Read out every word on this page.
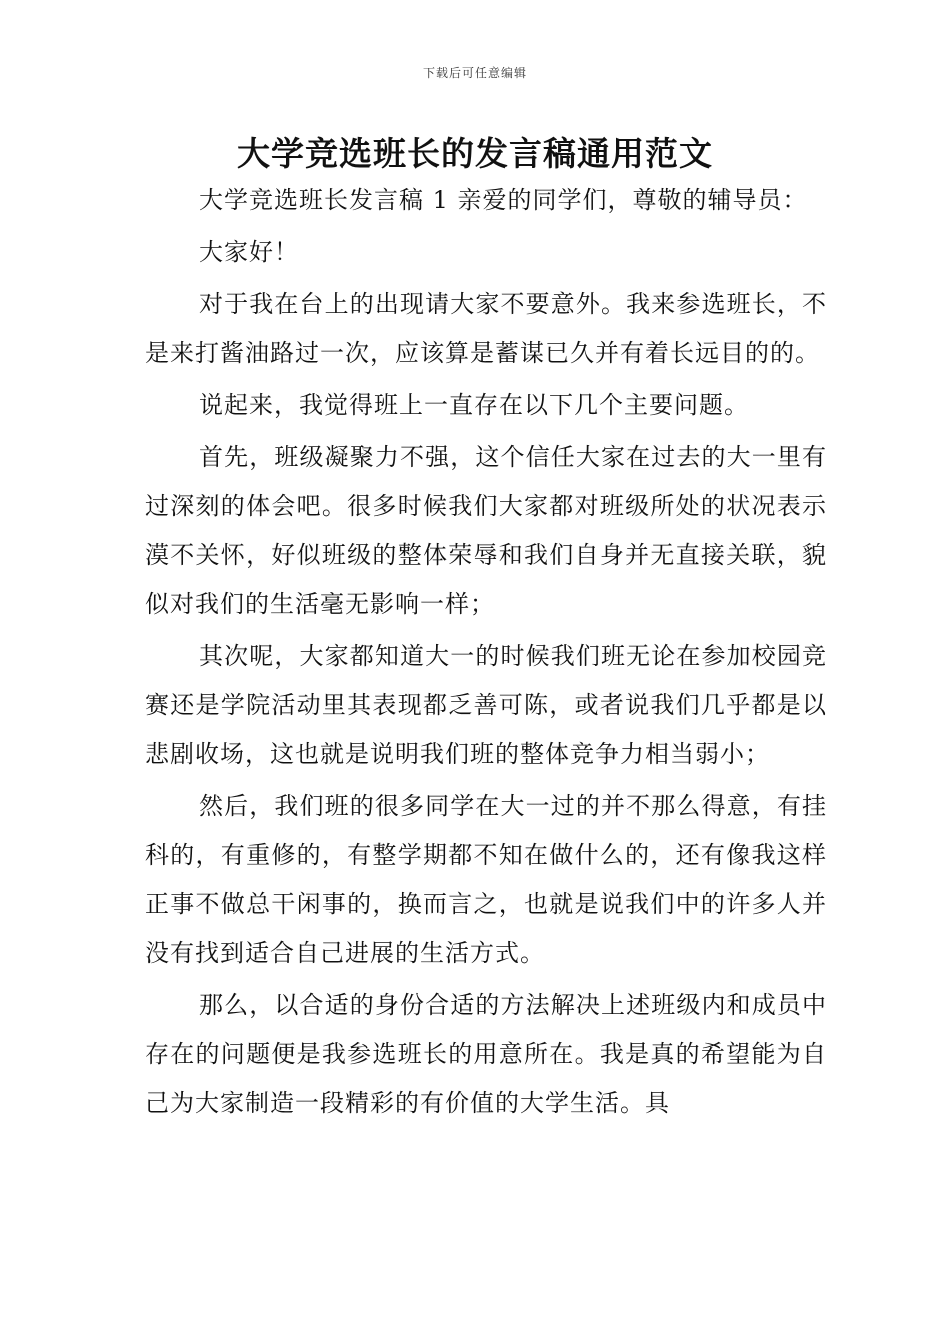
下载后可任意编辑
大学竞选班长的发言稿通用范文

大学竞选班长发言稿 1 亲爱的同学们，尊敬的辅导员：

大家好！

对于我在台上的出现请大家不要意外。我来参选班长，不是来打酱油路过一次，应该算是蓄谋已久并有着长远目的的。

说起来，我觉得班上一直存在以下几个主要问题。

首先，班级凝聚力不强，这个信任大家在过去的大一里有过深刻的体会吧。很多时候我们大家都对班级所处的状况表示漠不关怀，好似班级的整体荣辱和我们自身并无直接关联，貌似对我们的生活毫无影响一样；

其次呢，大家都知道大一的时候我们班无论在参加校园竞赛还是学院活动里其表现都乏善可陈，或者说我们几乎都是以悲剧收场，这也就是说明我们班的整体竞争力相当弱小；

然后，我们班的很多同学在大一过的并不那么得意，有挂科的，有重修的，有整学期都不知在做什么的，还有像我这样正事不做总干闲事的，换而言之，也就是说我们中的许多人并没有找到适合自己进展的生活方式。

那么，以合适的身份合适的方法解决上述班级内和成员中存在的问题便是我参选班长的用意所在。我是真的希望能为自己为大家制造一段精彩的有价值的大学生活。具
